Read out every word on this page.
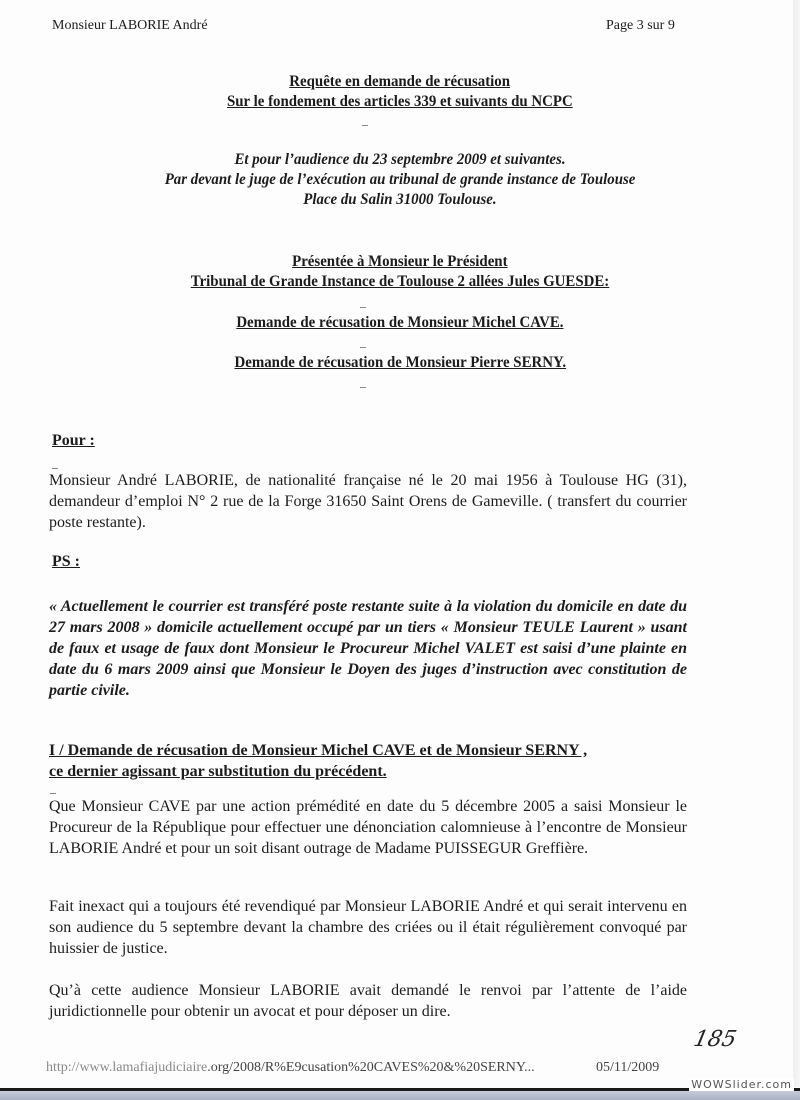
Monsieur LABORIE André	Page 3 sur 9
Requête en demande de récusation
Sur le fondement des articles 339 et suivants du NCPC
Et pour l’audience du 23 septembre 2009 et suivantes.
Par devant le juge de l’exécution au tribunal de grande instance de Toulouse
Place du Salin 31000 Toulouse.
Présentée à Monsieur le Président
Tribunal de Grande Instance de Toulouse 2 allées Jules GUESDE:
Demande de récusation de Monsieur Michel CAVE.
Demande de récusation de Monsieur Pierre SERNY.
Pour :
Monsieur André LABORIE, de nationalité française né le 20 mai 1956 à Toulouse HG (31), demandeur d’emploi N° 2 rue de la Forge 31650 Saint Orens de Gameville. ( transfert du courrier poste restante).
PS :
« Actuellement le courrier est transféré poste restante suite à la violation du domicile en date du 27 mars 2008 » domicile actuellement occupé par un tiers « Monsieur TEULE Laurent » usant de faux et usage de faux dont Monsieur le Procureur Michel VALET est saisi d’une plainte en date du 6 mars 2009 ainsi que Monsieur le Doyen des juges d’instruction avec constitution de partie civile.
I / Demande de récusation de Monsieur Michel CAVE et de Monsieur SERNY ,
ce dernier agissant par substitution du précédent.
Que Monsieur CAVE par une action prémédité en date du 5 décembre 2005 a saisi Monsieur le Procureur de la République pour effectuer une dénonciation calomnieuse à l’encontre de Monsieur LABORIE André et pour un soit disant outrage de Madame PUISSEGUR Greffière.
Fait inexact qui a toujours été revendiqué par Monsieur LABORIE André et qui serait intervenu en son audience du 5 septembre devant la chambre des criées ou il était régulièrement convoqué par huissier de justice.
Qu’à cette audience Monsieur LABORIE avait demandé le renvoi par l’attente de l’aide juridictionnelle pour obtenir un avocat et pour déposer un dire.
185
http://www.lamafiajudiciaire.org/2008/R%E9cusation%20CAVES%20&%20SERNY...	05/11/2009
WOWSlider.com
